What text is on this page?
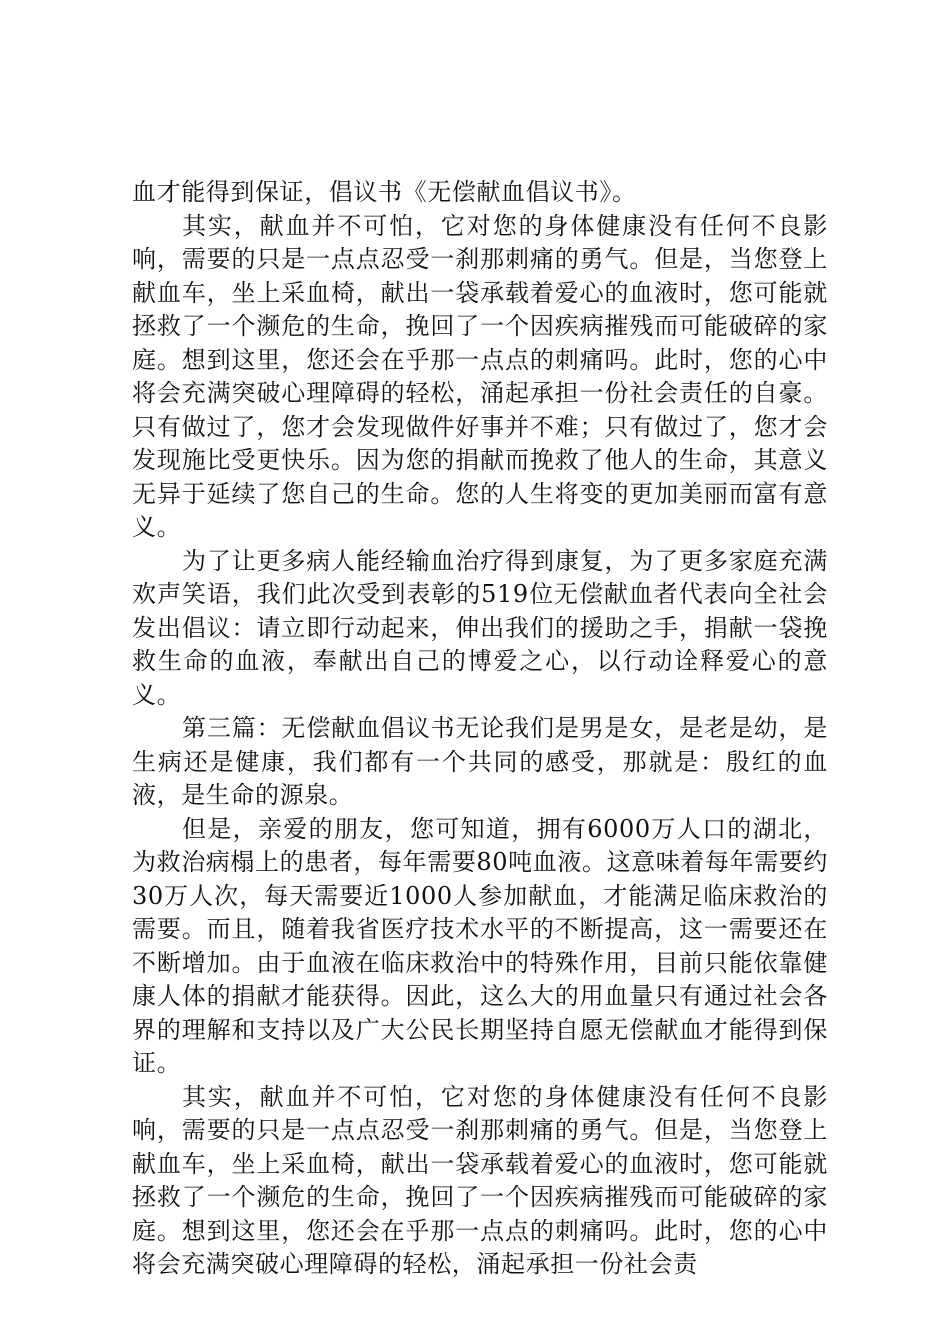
血才能得到保证，倡议书《无偿献血倡议书》。

其实，献血并不可怕，它对您的身体健康没有任何不良影响，需要的只是一点点忍受一刹那刺痛的勇气。但是，当您登上献血车，坐上采血椅，献出一袋承载着爱心的血液时，您可能就拯救了一个濒危的生命，挽回了一个因疾病摧残而可能破碎的家庭。想到这里，您还会在乎那一点点的刺痛吗。此时，您的心中将会充满突破心理障碍的轻松，涌起承担一份社会责任的自豪。只有做过了，您才会发现做件好事并不难；只有做过了，您才会发现施比受更快乐。因为您的捐献而挽救了他人的生命，其意义无异于延续了您自己的生命。您的人生将变的更加美丽而富有意义。

为了让更多病人能经输血治疗得到康复，为了更多家庭充满欢声笑语，我们此次受到表彰的519位无偿献血者代表向全社会发出倡议：请立即行动起来，伸出我们的援助之手，捐献一袋挽救生命的血液，奉献出自己的博爱之心，以行动诠释爱心的意义。

第三篇：无偿献血倡议书无论我们是男是女，是老是幼，是生病还是健康，我们都有一个共同的感受，那就是：殷红的血液，是生命的源泉。

但是，亲爱的朋友，您可知道，拥有6000万人口的湖北，为救治病榻上的患者，每年需要80吨血液。这意味着每年需要约30万人次，每天需要近1000人参加献血，才能满足临床救治的需要。而且，随着我省医疗技术水平的不断提高，这一需要还在不断增加。由于血液在临床救治中的特殊作用，目前只能依靠健康人体的捐献才能获得。因此，这么大的用血量只有通过社会各界的理解和支持以及广大公民长期坚持自愿无偿献血才能得到保证。

其实，献血并不可怕，它对您的身体健康没有任何不良影响，需要的只是一点点忍受一刹那刺痛的勇气。但是，当您登上献血车，坐上采血椅，献出一袋承载着爱心的血液时，您可能就拯救了一个濒危的生命，挽回了一个因疾病摧残而可能破碎的家庭。想到这里，您还会在乎那一点点的刺痛吗。此时，您的心中将会充满突破心理障碍的轻松，涌起承担一份社会责
